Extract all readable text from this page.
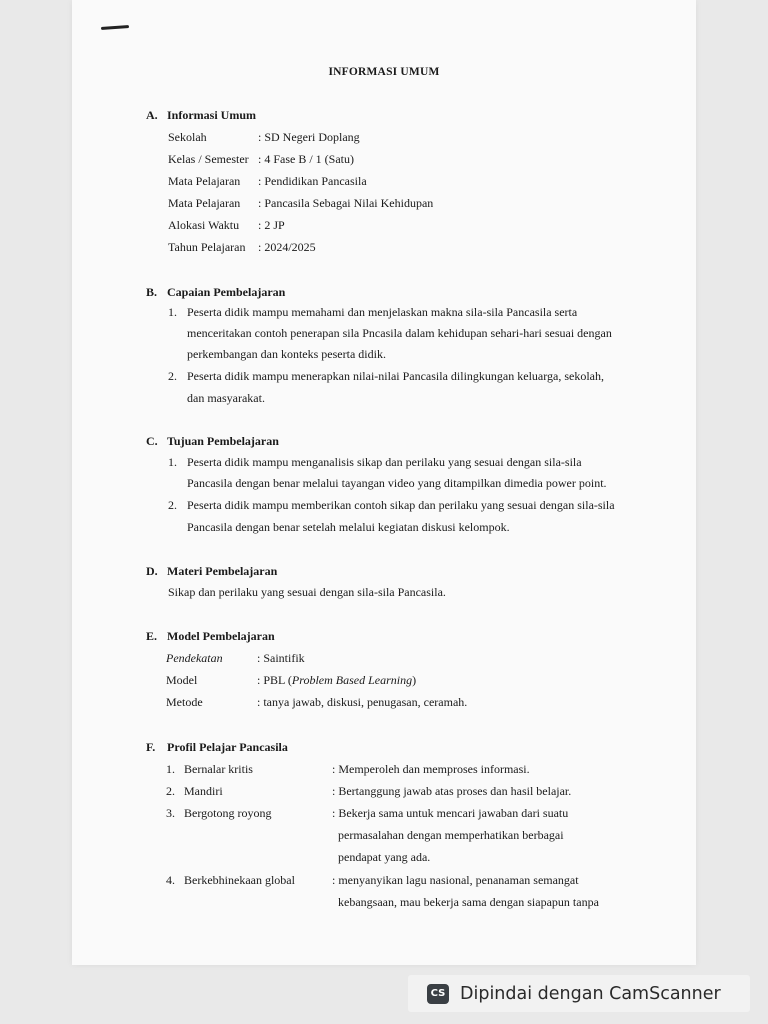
INFORMASI UMUM
A. Informasi Umum
Sekolah	: SD Negeri Doplang
Kelas / Semester : 4 Fase B / 1 (Satu)
Mata Pelajaran : Pendidikan Pancasila
Mata Pelajaran : Pancasila Sebagai Nilai Kehidupan
Alokasi Waktu : 2 JP
Tahun Pelajaran : 2024/2025
B. Capaian Pembelajaran
1. Peserta didik mampu memahami dan menjelaskan makna sila-sila Pancasila serta
menceritakan contoh penerapan sila Pncasila dalam kehidupan sehari-hari sesuai dengan
perkembangan dan konteks peserta didik.
2. Peserta didik mampu menerapkan nilai-nilai Pancasila dilingkungan keluarga, sekolah,
dan masyarakat.
C. Tujuan Pembelajaran
1. Peserta didik mampu menganalisis sikap dan perilaku yang sesuai dengan sila-sila
Pancasila dengan benar melalui tayangan video yang ditampilkan dimedia power point.
2. Peserta didik mampu memberikan contoh sikap dan perilaku yang sesuai dengan sila-sila
Pancasila dengan benar setelah melalui kegiatan diskusi kelompok.
D. Materi Pembelajaran
Sikap dan perilaku yang sesuai dengan sila-sila Pancasila.
E. Model Pembelajaran
Pendekatan	: Saintifik
Model	: PBL (Problem Based Learning)
Metode	: tanya jawab, diskusi, penugasan, ceramah.
F. Profil Pelajar Pancasila
1. Bernalar kritis	: Memperoleh dan memproses informasi.
2. Mandiri	: Bertanggung jawab atas proses dan hasil belajar.
3. Bergotong royong	: Bekerja sama untuk mencari jawaban dari suatu
permasalahan dengan memperhatikan berbagai
pendapat yang ada.
4. Berkebhinekaan global	: menyanyikan lagu nasional, penanaman semangat
kebangsaan, mau bekerja sama dengan siapapun tanpa
CS Dipindai dengan CamScanner
